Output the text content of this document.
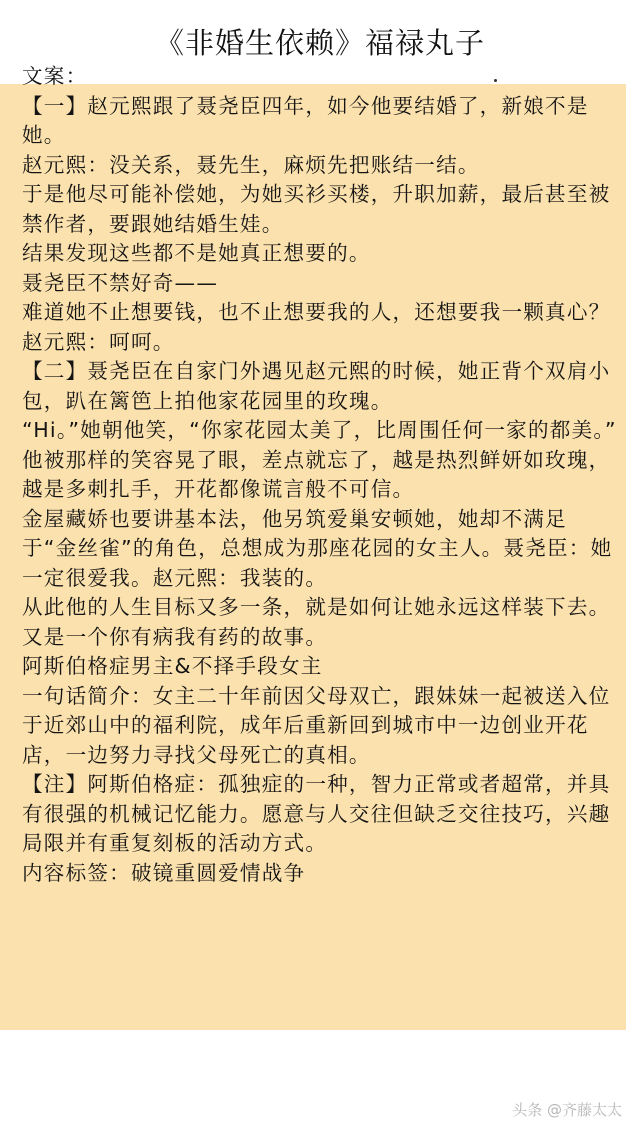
《非婚生依赖》福禄丸子

文案：

【一】赵元熙跟了聂尧臣四年，如今他要结婚了，新娘不是她。

赵元熙：没关系，聂先生，麻烦先把账结一结。

于是他尽可能补偿她，为她买衫买楼，升职加薪，最后甚至被禁作者，要跟她结婚生娃。

结果发现这些都不是她真正想要的。

聂尧臣不禁好奇——

难道她不止想要钱，也不止想要我的人，还想要我一颗真心？赵元熙：呵呵。

【二】聂尧臣在自家门外遇见赵元熙的时候，她正背个双肩小包，趴在篱笆上拍他家花园里的玫瑰。

“Hi。”她朝他笑，“你家花园太美了，比周围任何一家的都美。”

他被那样的笑容晃了眼，差点就忘了，越是热烈鲜妍如玫瑰，越是多刺扎手，开花都像谎言般不可信。

金屋藏娇也要讲基本法，他另筑爱巢安顿她，她却不满足于“金丝雀”的角色，总想成为那座花园的女主人。聂尧臣：她一定很爱我。赵元熙：我装的。

从此他的人生目标又多一条，就是如何让她永远这样装下去。

又是一个你有病我有药的故事。

阿斯伯格症男主&不择手段女主

一句话简介：女主二十年前因父母双亡，跟妹妹一起被送入位于近郊山中的福利院，成年后重新回到城市中一边创业开花店，一边努力寻找父母死亡的真相。

【注】阿斯伯格症：孤独症的一种，智力正常或者超常，并具有很强的机械记忆能力。愿意与人交往但缺乏交往技巧，兴趣局限并有重复刻板的活动方式。

内容标签：破镜重圆爱情战争

头条 @齐藤太太
